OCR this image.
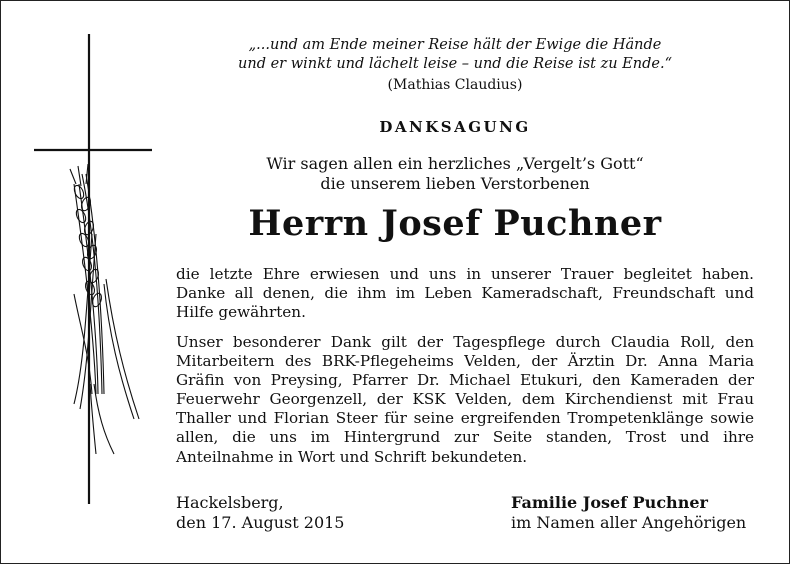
„...und am Ende meiner Reise hält der Ewige die Hände
und er winkt und lächelt leise – und die Reise ist zu Ende.“
(Mathias Claudius)
DANKSAGUNG
Wir sagen allen ein herzliches „Vergelt’s Gott“
die unserem lieben Verstorbenen
Herrn Josef Puchner
die letzte Ehre erwiesen und uns in unserer Trauer begleitet haben. Danke all denen, die ihm im Leben Kameradschaft, Freundschaft und Hilfe gewährten.
Unser besonderer Dank gilt der Tagespflege durch Claudia Roll, den Mitarbeitern des BRK-Pflegeheims Velden, der Ärztin Dr. Anna Maria Gräfin von Preysing, Pfarrer Dr. Michael Etukuri, den Kameraden der Feuerwehr Georgenzell, der KSK Velden, dem Kirchendienst mit Frau Thaller und Florian Steer für seine ergreifenden Trompetenklänge sowie allen, die uns im Hintergrund zur Seite standen, Trost und ihre Anteilnahme in Wort und Schrift bekundeten.
Hackelsberg,
den 17. August 2015
Familie Josef Puchner
im Namen aller Angehörigen
